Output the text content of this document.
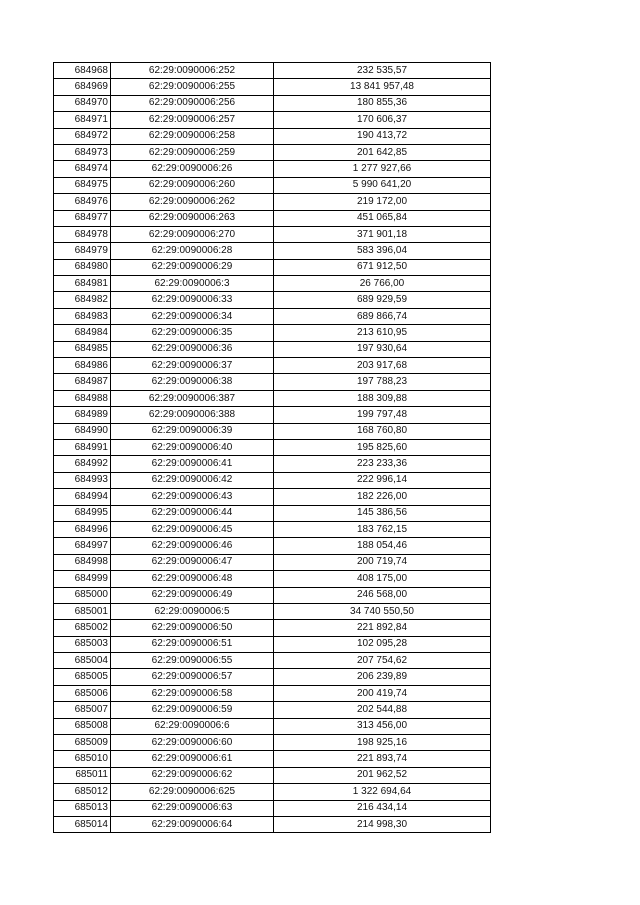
684968	62:29:0090006:252	232 535,57
684969	62:29:0090006:255	13 841 957,48
684970	62:29:0090006:256	180 855,36
684971	62:29:0090006:257	170 606,37
684972	62:29:0090006:258	190 413,72
684973	62:29:0090006:259	201 642,85
684974	62:29:0090006:26	1 277 927,66
684975	62:29:0090006:260	5 990 641,20
684976	62:29:0090006:262	219 172,00
684977	62:29:0090006:263	451 065,84
684978	62:29:0090006:270	371 901,18
684979	62:29:0090006:28	583 396,04
684980	62:29:0090006:29	671 912,50
684981	62:29:0090006:3	26 766,00
684982	62:29:0090006:33	689 929,59
684983	62:29:0090006:34	689 866,74
684984	62:29:0090006:35	213 610,95
684985	62:29:0090006:36	197 930,64
684986	62:29:0090006:37	203 917,68
684987	62:29:0090006:38	197 788,23
684988	62:29:0090006:387	188 309,88
684989	62:29:0090006:388	199 797,48
684990	62:29:0090006:39	168 760,80
684991	62:29:0090006:40	195 825,60
684992	62:29:0090006:41	223 233,36
684993	62:29:0090006:42	222 996,14
684994	62:29:0090006:43	182 226,00
684995	62:29:0090006:44	145 386,56
684996	62:29:0090006:45	183 762,15
684997	62:29:0090006:46	188 054,46
684998	62:29:0090006:47	200 719,74
684999	62:29:0090006:48	408 175,00
685000	62:29:0090006:49	246 568,00
685001	62:29:0090006:5	34 740 550,50
685002	62:29:0090006:50	221 892,84
685003	62:29:0090006:51	102 095,28
685004	62:29:0090006:55	207 754,62
685005	62:29:0090006:57	206 239,89
685006	62:29:0090006:58	200 419,74
685007	62:29:0090006:59	202 544,88
685008	62:29:0090006:6	313 456,00
685009	62:29:0090006:60	198 925,16
685010	62:29:0090006:61	221 893,74
685011	62:29:0090006:62	201 962,52
685012	62:29:0090006:625	1 322 694,64
685013	62:29:0090006:63	216 434,14
685014	62:29:0090006:64	214 998,30
